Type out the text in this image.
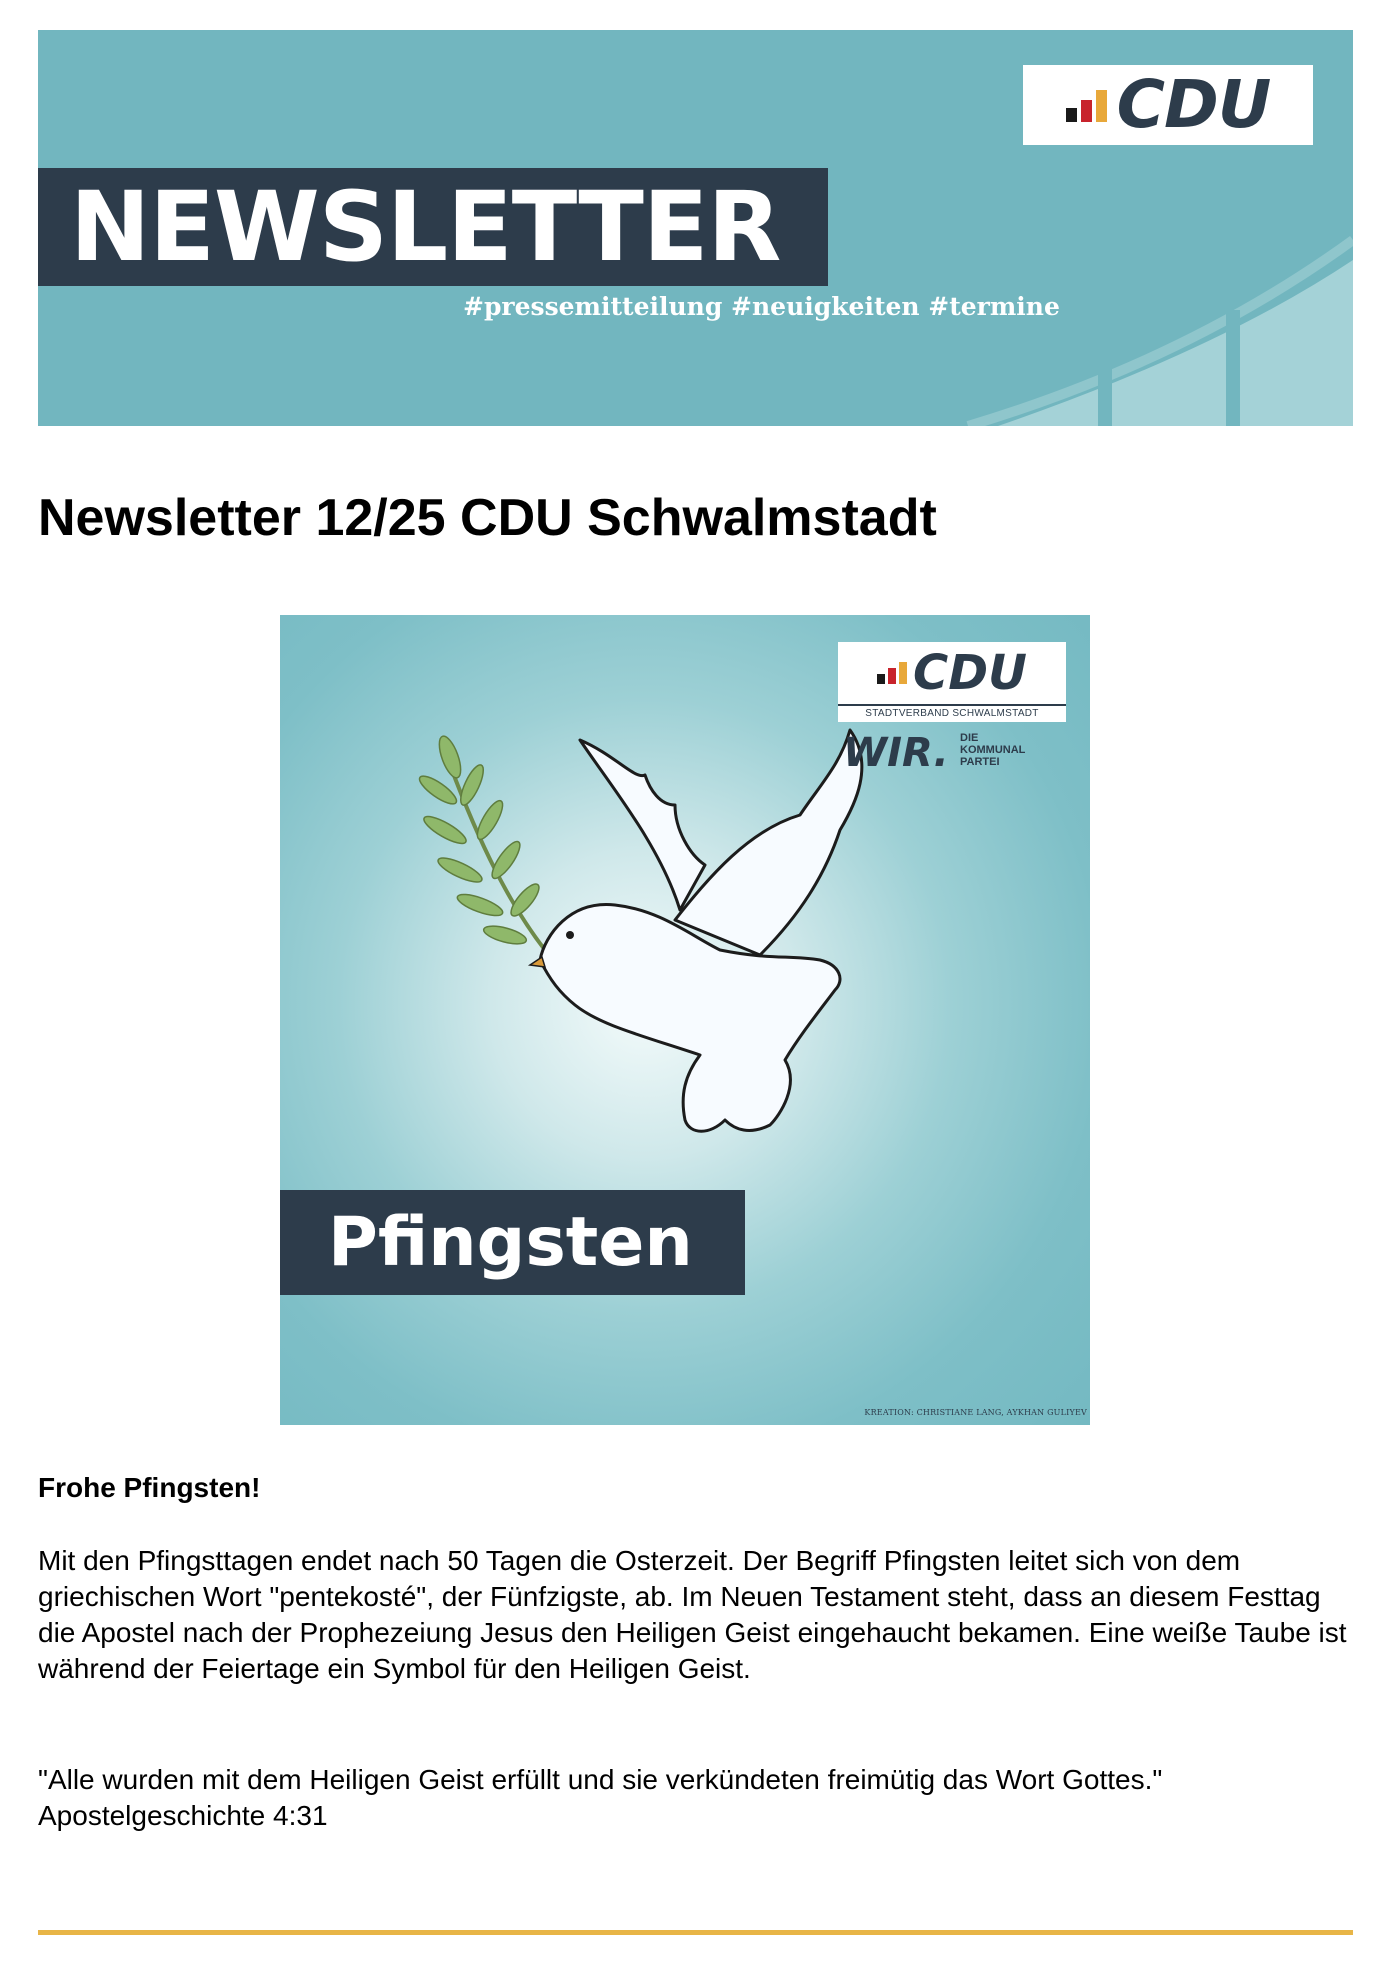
CDU
NEWSLETTER
#pressemitteilung #neuigkeiten #termine
Newsletter 12/25 CDU Schwalmstadt
CDU
STADTVERBAND SCHWALMSTADT
WIR. DIE
KOMMUNAL
PARTEI
Pfingsten
KREATION: CHRISTIANE LANG, AYKHAN GULIYEV

Frohe Pfingsten!

Mit den Pfingsttagen endet nach 50 Tagen die Osterzeit. Der Begriff Pfingsten leitet sich von dem griechischen Wort "pentekosté", der Fünfzigste, ab. Im Neuen Testament steht, dass an diesem Festtag die Apostel nach der Prophezeiung Jesus den Heiligen Geist eingehaucht bekamen. Eine weiße Taube ist während der Feiertage ein Symbol für den Heiligen Geist.

"Alle wurden mit dem Heiligen Geist erfüllt und sie verkündeten freimütig das Wort Gottes."
Apostelgeschichte 4:31
